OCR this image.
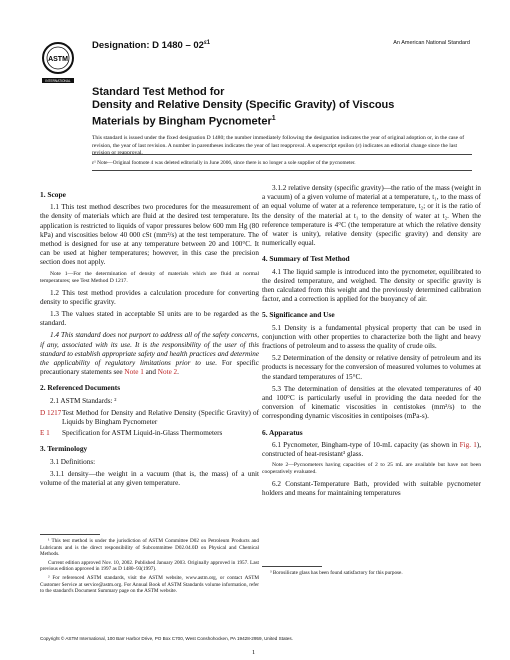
ASTM
INTERNATIONAL
Designation: D $1480 - 02^{\varepsilon 1}$	An American National Standard
Standard Test Method for
Density and Relative Density (Specific Gravity) of Viscous
Materials by Bingham Pycnometer$^1$
This standard is issued under the fixed designation D 1480; the number immediately following the designation indicates the year of original adoption or, in the case of revision, the year of last revision. A number in parentheses indicates the year of last reapproval. A superscript epsilon (ε) indicates an editorial change since the last revision or reapproval.
ε¹ Note—Original footnote 4 was deleted editorially in June 2006, since there is no longer a sole supplier of the pycnometer.
1. Scope

1.1 This test method describes two procedures for the measurement of the density of materials which are fluid at the desired test temperature. Its application is restricted to liquids of vapor pressures below 600 mm Hg (80 kPa) and viscosities below 40 000 cSt (mm²/s) at the test temperature. The method is designed for use at any temperature between 20 and 100°C. It can be used at higher temperatures; however, in this case the precision section does not apply.

Note 1—For the determination of density of materials which are fluid at normal temperatures; see Test Method D 1217.

1.2 This test method provides a calculation procedure for converting density to specific gravity.

1.3 The values stated in acceptable SI units are to be regarded as the standard.

1.4 This standard does not purport to address all of the safety concerns, if any, associated with its use. It is the responsibility of the user of this standard to establish appropriate safety and health practices and determine the applicability of regulatory limitations prior to use. For specific precautionary statements see Note 1 and Note 2.

2. Referenced Documents

2.1 ASTM Standards: ²

D 1217 Test Method for Density and Relative Density (Specific Gravity) of Liquids by Bingham Pycnometer

E 1 Specification for ASTM Liquid-in-Glass Thermometers

3. Terminology

3.1 Definitions:

3.1.1 density—the weight in a vacuum (that is, the mass) of a unit volume of the material at any given temperature.

3.1.2 relative density (specific gravity)—the ratio of the mass (weight in a vacuum) of a given volume of material at a temperature, t₁, to the mass of an equal volume of water at a reference temperature, t₂; or it is the ratio of the density of the material at t₁ to the density of water at t₂. When the reference temperature is 4°C (the temperature at which the relative density of water is unity), relative density (specific gravity) and density are numerically equal.

4. Summary of Test Method

4.1 The liquid sample is introduced into the pycnometer, equilibrated to the desired temperature, and weighed. The density or specific gravity is then calculated from this weight and the previously determined calibration factor, and a correction is applied for the buoyancy of air.

5. Significance and Use

5.1 Density is a fundamental physical property that can be used in conjunction with other properties to characterize both the light and heavy fractions of petroleum and to assess the quality of crude oils.

5.2 Determination of the density or relative density of petroleum and its products is necessary for the conversion of measured volumes to volumes at the standard temperatures of 15°C.

5.3 The determination of densities at the elevated temperatures of 40 and 100°C is particularly useful in providing the data needed for the conversion of kinematic viscosities in centistokes (mm²/s) to the corresponding dynamic viscosities in centipoises (mPa-s).

6. Apparatus

6.1 Pycnometer, Bingham-type of 10-mL capacity (as shown in Fig. 1), constructed of heat-resistant³ glass.

Note 2—Pycnometers having capacities of 2 to 25 mL are available but have not been cooperatively evaluated.

6.2 Constant-Temperature Bath, provided with suitable pycnometer holders and means for maintaining temperatures

¹ This test method is under the jurisdiction of ASTM Committee D02 on Petroleum Products and Lubricants and is the direct responsibility of Subcommittee D02.04.0D on Physical and Chemical Methods.

Current edition approved Nov. 10, 2002. Published January 2003. Originally approved in 1957. Last previous edition approved in 1997 as D 1480–93(1997).

² For referenced ASTM standards, visit the ASTM website, www.astm.org, or contact ASTM Customer Service at service@astm.org. For Annual Book of ASTM Standards volume information, refer to the standard's Document Summary page on the ASTM website.

³ Borosilicate glass has been found satisfactory for this purpose.

Copyright © ASTM International, 100 Barr Harbor Drive, PO Box C700, West Conshohocken, PA 19428-2959, United States.
1
